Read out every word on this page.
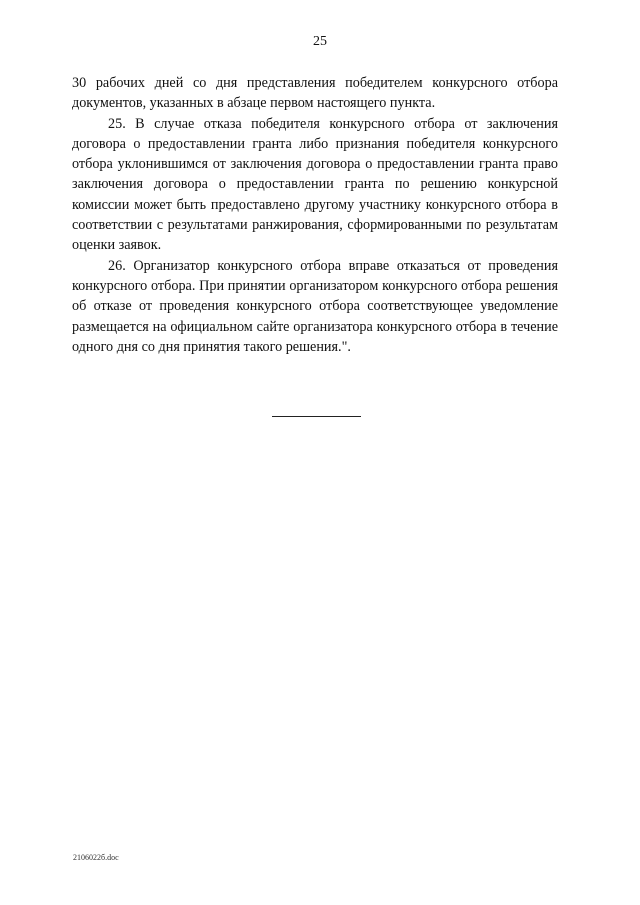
25

30 рабочих дней со дня представления победителем конкурсного отбора документов, указанных в абзаце первом настоящего пункта.

25. В случае отказа победителя конкурсного отбора от заключения договора о предоставлении гранта либо признания победителя конкурсного отбора уклонившимся от заключения договора о предоставлении гранта право заключения договора о предоставлении гранта по решению конкурсной комиссии может быть предоставлено другому участнику конкурсного отбора в соответствии с результатами ранжирования, сформированными по результатам оценки заявок.

26. Организатор конкурсного отбора вправе отказаться от проведения конкурсного отбора. При принятии организатором конкурсного отбора решения об отказе от проведения конкурсного отбора соответствующее уведомление размещается на официальном сайте организатора конкурсного отбора в течение одного дня со дня принятия такого решения.".

2106022б.doc
